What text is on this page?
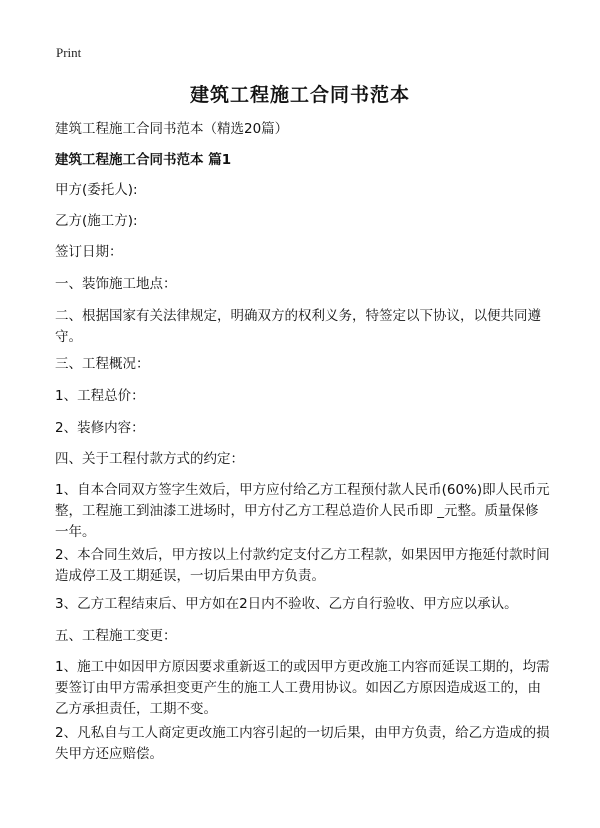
Print
建筑工程施工合同书范本

建筑工程施工合同书范本（精选20篇）

建筑工程施工合同书范本 篇1

甲方(委托人):

乙方(施工方):

签订日期：

一、装饰施工地点：

二、根据国家有关法律规定，明确双方的权利义务，特签定以下协议，以便共同遵守。

三、工程概况：

1、工程总价：

2、装修内容：

四、关于工程付款方式的约定：

1、自本合同双方签字生效后，甲方应付给乙方工程预付款人民币(60%)即人民币元整，工程施工到油漆工进场时，甲方付乙方工程总造价人民币即 _元整。质量保修一年。

2、本合同生效后，甲方按以上付款约定支付乙方工程款，如果因甲方拖延付款时间造成停工及工期延误，一切后果由甲方负责。

3、乙方工程结束后、甲方如在2日内不验收、乙方自行验收、甲方应以承认。

五、工程施工变更：

1、施工中如因甲方原因要求重新返工的或因甲方更改施工内容而延误工期的，均需要签订由甲方需承担变更产生的施工人工费用协议。如因乙方原因造成返工的，由乙方承担责任，工期不变。

2、凡私自与工人商定更改施工内容引起的一切后果，由甲方负责，给乙方造成的损失甲方还应赔偿。
